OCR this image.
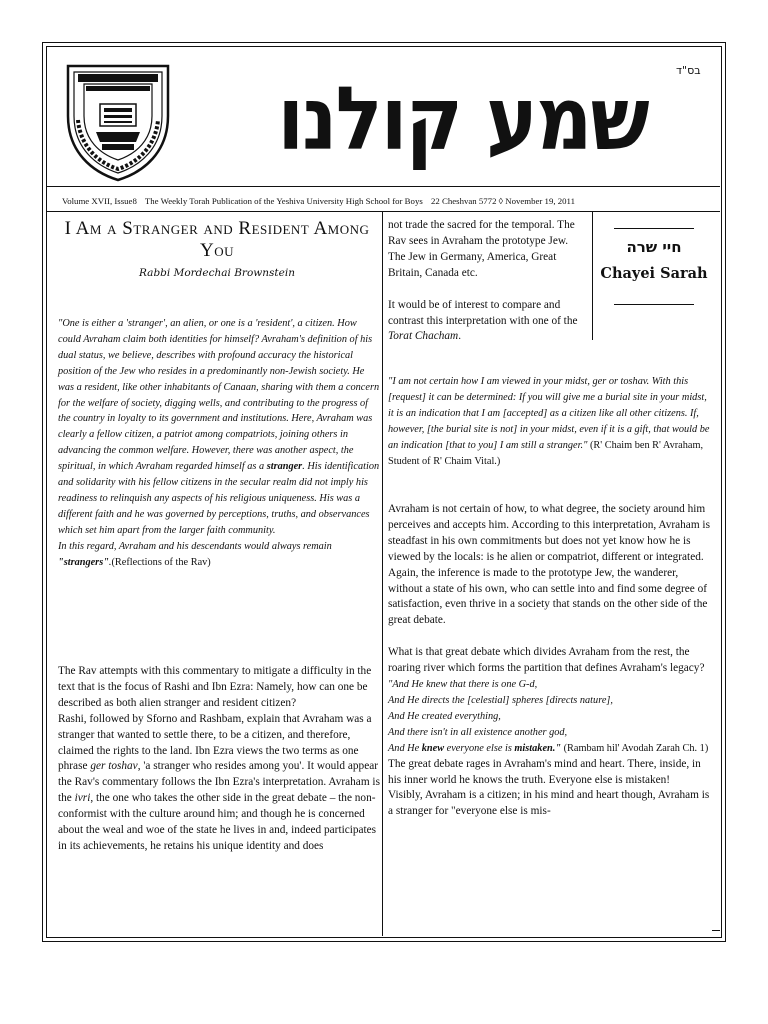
בס"ד
שמע קולנו
Volume XVII, Issue8 The Weekly Torah Publication of the Yeshiva University High School for Boys 22 Cheshvan 5772 ◊ November 19, 2011
I Am a Stranger and Resident Among You
Rabbi Mordechai Brownstein

"One is either a 'stranger', an alien, or one is a 'resident', a citizen. How could Avraham claim both identities for himself? Avraham's definition of his dual status, we believe, describes with profound accuracy the historical position of the Jew who resides in a predominantly non-Jewish society. He was a resident, like other inhabitants of Canaan, sharing with them a concern for the welfare of society, digging wells, and contributing to the progress of the country in loyalty to its government and institutions. Here, Avraham was clearly a fellow citizen, a patriot among compatriots, joining others in advancing the common welfare. However, there was another aspect, the spiritual, in which Avraham regarded himself as a stranger. His identification and solidarity with his fellow citizens in the secular realm did not imply his readiness to relinquish any aspects of his religious uniqueness. His was a different faith and he was governed by perceptions, truths, and observances which set him apart from the larger faith community.

In this regard, Avraham and his descendants would always remain "strangers".(Reflections of the Rav)

The Rav attempts with this commentary to mitigate a difficulty in the text that is the focus of Rashi and Ibn Ezra: Namely, how can one be described as both alien stranger and resident citizen?

Rashi, followed by Sforno and Rashbam, explain that Avraham was a stranger that wanted to settle there, to be a citizen, and therefore, claimed the rights to the land. Ibn Ezra views the two terms as one phrase ger toshav, 'a stranger who resides among you'. It would appear the Rav's commentary follows the Ibn Ezra's interpretation. Avraham is the ivri, the one who takes the other side in the great debate – the non-conformist with the culture around him; and though he is concerned about the weal and woe of the state he lives in and, indeed participates in its achievements, he retains his unique identity and does

not trade the sacred for the temporal. The Rav sees in Avraham the prototype Jew. The Jew in Germany, America, Great Britain, Canada etc.

It would be of interest to compare and contrast this interpretation with one of the Torat Chacham.

חיי שרה
Chayei Sarah

"I am not certain how I am viewed in your midst, ger or toshav. With this [request] it can be determined: If you will give me a burial site in your midst, it is an indication that I am [accepted] as a citizen like all other citizens. If, however, [the burial site is not] in your midst, even if it is a gift, that would be an indication [that to you] I am still a stranger." (R' Chaim ben R' Avraham, Student of R' Chaim Vital.)

Avraham is not certain of how, to what degree, the society around him perceives and accepts him. According to this interpretation, Avraham is steadfast in his own commitments but does not yet know how he is viewed by the locals: is he alien or compatriot, different or integrated. Again, the inference is made to the prototype Jew, the wanderer, without a state of his own, who can settle into and find some degree of satisfaction, even thrive in a society that stands on the other side of the great debate.

What is that great debate which divides Avraham from the rest, the roaring river which forms the partition that defines Avraham's legacy?

"And He knew that there is one G-d,

And He directs the [celestial] spheres [directs nature],

And He created everything,

And there isn't in all existence another god,

And He knew everyone else is mistaken." (Rambam hil' Avodah Zarah Ch. 1)

The great debate rages in Avraham's mind and heart. There, inside, in his inner world he knows the truth. Everyone else is mistaken!

Visibly, Avraham is a citizen; in his mind and heart though, Avraham is a stranger for "everyone else is mis-
